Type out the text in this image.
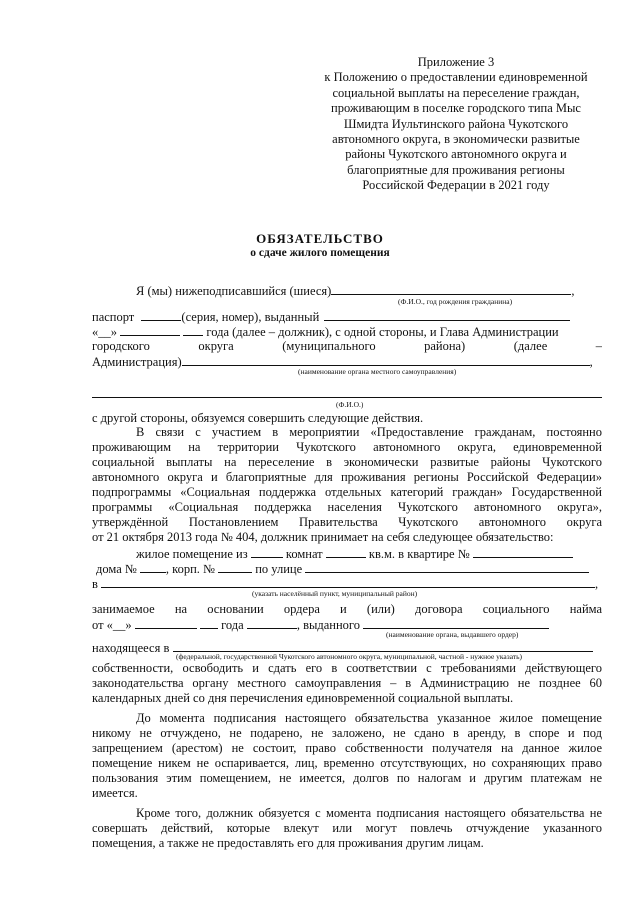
Приложение 3
к Положению о предоставлении единовременной
социальной выплаты на переселение граждан,
проживающим в поселке городского типа Мыс
Шмидта Иультинского района Чукотского
автономного округа, в экономически развитые
районы Чукотского автономного округа и
благоприятные для проживания регионы
Российской Федерации в 2021 году
ОБЯЗАТЕЛЬСТВО
о сдаче жилого помещения
Я (мы) нижеподписавшийся (шиеся)	,
(Ф.И.О., год рождения гражданина)
паспорт	(серия, номер), выданный
«__»	года (далее – должник), с одной стороны, и Глава Администрации
городского округа (муниципального района) (далее –
Администрация)	,
(наименование органа местного самоуправления)
(Ф.И.О.)
с другой стороны, обязуемся совершить следующие действия.
В связи с участием в мероприятии «Предоставление гражданам, постоянно
проживающим на территории Чукотского автономного округа, единовременной
социальной выплаты на переселение в экономически развитые районы Чукотского
автономного округа и благоприятные для проживания регионы Российской Федерации»
подпрограммы «Социальная поддержка отдельных категорий граждан» Государственной
программы «Социальная поддержка населения Чукотского автономного округа»,
утверждённой Постановлением Правительства Чукотского автономного округа
от 21 октября 2013 года № 404, должник принимает на себя следующее обязательство:
жилое помещение из	комнат	кв.м. в квартире №
дома № , корп. №	по улице
в	,
(указать населённый пункт, муниципальный район)
занимаемое на основании ордера и (или) договора социального найма
от «__»	года	, выданного
(наименование органа, выдавшего ордер)
находящееся в
(федеральной, государственной Чукотского автономного округа, муниципальной, частной - нужное указать)
собственности, освободить и сдать его в соответствии с требованиями действующего
законодательства органу местного самоуправления – в Администрацию не позднее 60
календарных дней со дня перечисления единовременной социальной выплаты.
До момента подписания настоящего обязательства указанное жилое помещение
никому не отчуждено, не подарено, не заложено, не сдано в аренду, в споре и под
запрещением (арестом) не состоит, право собственности получателя на данное жилое
помещение никем не оспаривается, лиц, временно отсутствующих, но сохраняющих право
пользования этим помещением, не имеется, долгов по налогам и другим платежам не
имеется.
Кроме того, должник обязуется с момента подписания настоящего обязательства не
совершать действий, которые влекут или могут повлечь отчуждение указанного
помещения, а также не предоставлять его для проживания другим лицам.
